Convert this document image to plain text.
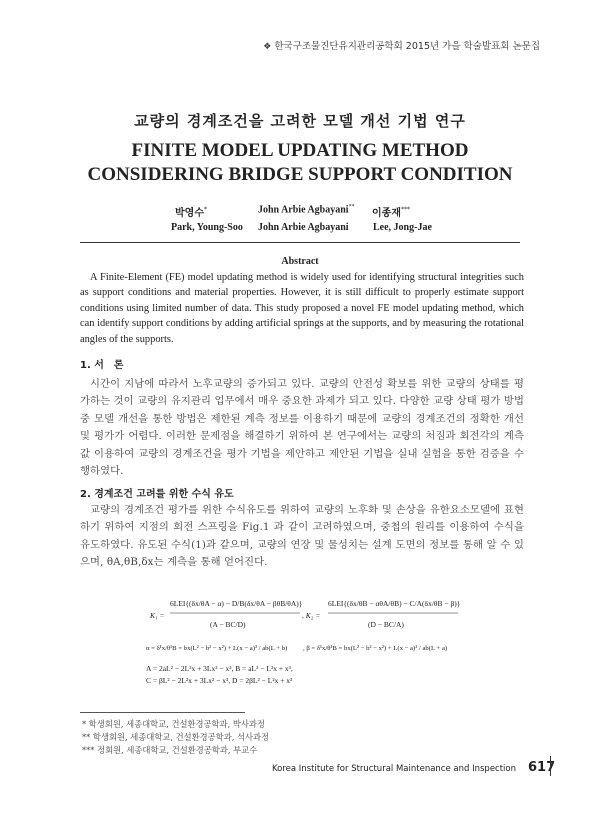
❖ 한국구조물진단유지관리공학회 2015년 가을 학술발표회 논문집
교량의 경계조건을 고려한 모델 개선 기법 연구
FINITE MODEL UPDATING METHOD
CONSIDERING BRIDGE SUPPORT CONDITION
박영수*	John Arbie Agbayani**
이종재***
Park, Young-Soo John Arbie Agbayani Lee, Jong-Jae
Abstract
A Finite-Element (FE) model updating method is widely used for identifying structural integrities such as support conditions and material properties. However, it is still difficult to properly estimate support conditions using limited number of data. This study proposed a novel FE model updating method, which can identify support conditions by adding artificial springs at the supports, and by measuring the rotational angles of the supports.
1. 서　론
시간이 지남에 따라서 노후교량의 증가되고 있다. 교량의 안전성 확보를 위한 교량의 상태를 평가하는 것이 교량의 유지관리 업무에서 매우 중요한 과제가 되고 있다. 다양한 교량 상태 평가 방법 중 모델 개선을 통한 방법은 제한된 계측 정보를 이용하기 때문에 교량의 경계조건의 정확한 개선 및 평가가 어렵다. 이러한 문제점을 해결하기 위하여 본 연구에서는 교량의 처짐과 회전각의 계측값 이용하여 교량의 경계조건을 평가 기법을 제안하고 제안된 기법을 실내 실험을 통한 검증을 수행하였다.
2. 경계조건 고려를 위한 수식 유도
교량의 경계조건 평가를 위한 수식유도를 위하여 교량의 노후화 및 손상을 유한요소모델에 표현하기 위하여 지점의 회전 스프링을 Fig.1 과 같이 고려하였으며, 중첩의 원리를 이용하여 수식을 유도하였다. 유도된 수식(1)과 같으며, 교량의 연장 및 물성치는 설계 도면의 정보를 통해 알 수 있으며, θA,θB,δx는 계측을 통해 얻어진다.
K₁ =
6LEI{(δx/θA − α) − D/B(δx/θA − βθB/θA)}
(A − BC/D)
, K₂ =
6LEI{(δx/θB − αθA/θB) − C/A(δx/θB − β)}
(D − BC/A)
α = δ¹x/θ¹B = bx(L² − b² − x²) + L(x − a)³ / ab(L + b) , β = δ¹x/θ¹B = bx(L² − b² − x²) + L(x − a)³ / ab(L + a)
A = 2aL² − 2L²x + 3Lx² − x³, B = aL² − L²x + x³,
C = βL² − 2L²x + 3Lx² − x³, D = 2βL² − L²x + x³
* 학생회원, 세종대학교, 건설환경공학과, 박사과정
** 학생회원, 세종대학교, 건설환경공학과, 석사과정
*** 정회원, 세종대학교, 건설환경공학과, 부교수
Korea Institute for Structural Maintenance and Inspection 617
